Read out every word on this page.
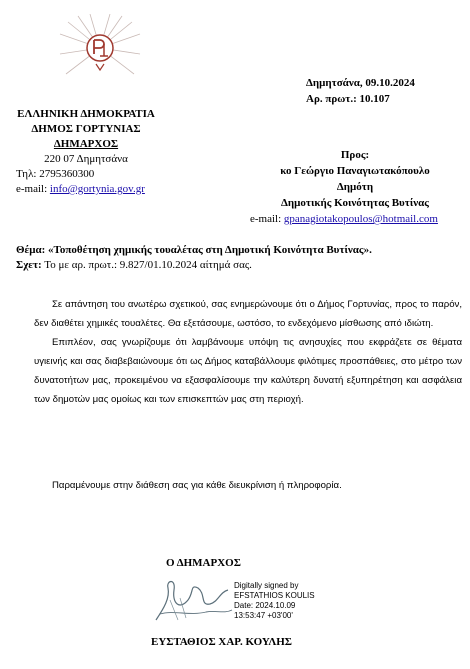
Δημητσάνα, 09.10.2024
Αρ. πρωτ.: 10.107
ΕΛΛΗΝΙΚΗ ΔΗΜΟΚΡΑΤΙΑ
ΔΗΜΟΣ ΓΟΡΤΥΝΙΑΣ
ΔΗΜΑΡΧΟΣ
220 07 Δημητσάνα
Τηλ: 2795360300
e-mail: info@gortynia.gov.gr
Προς:
κο Γεώργιο Παναγιωτακόπουλο
Δημότη
Δημοτικής Κοινότητας Βυτίνας
e-mail: gpanagiotakopoulos@hotmail.com
Θέμα: «Τοποθέτηση χημικής τουαλέτας στη Δημοτική Κοινότητα Βυτίνας».
Σχετ: Το με αρ. πρωτ.: 9.827/01.10.2024 αίτημά σας.

Σε απάντηση του ανωτέρω σχετικού, σας ενημερώνουμε ότι ο Δήμος Γορτυνίας, προς το παρόν, δεν διαθέτει χημικές τουαλέτες. Θα εξετάσουμε, ωστόσο, το ενδεχόμενο μίσθωσης από ιδιώτη.

Επιπλέον, σας γνωρίζουμε ότι λαμβάνουμε υπόψη τις ανησυχίες που εκφράζετε σε θέματα υγιεινής και σας διαβεβαιώνουμε ότι ως Δήμος καταβάλλουμε φιλότιμες προσπάθειες, στο μέτρο των δυνατοτήτων μας, προκειμένου να εξασφαλίσουμε την καλύτερη δυνατή εξυπηρέτηση και ασφάλεια των δημοτών μας ομοίως και των επισκεπτών μας στη περιοχή.

Παραμένουμε στην διάθεση σας για κάθε διευκρίνιση ή πληροφορία.
Ο ΔΗΜΑΡΧΟΣ
Digitally signed by
EFSTATHIOS KOULIS
Date: 2024.10.09
13:53:47 +03'00'
ΕΥΣΤΑΘΙΟΣ ΧΑΡ. ΚΟΥΛΗΣ
